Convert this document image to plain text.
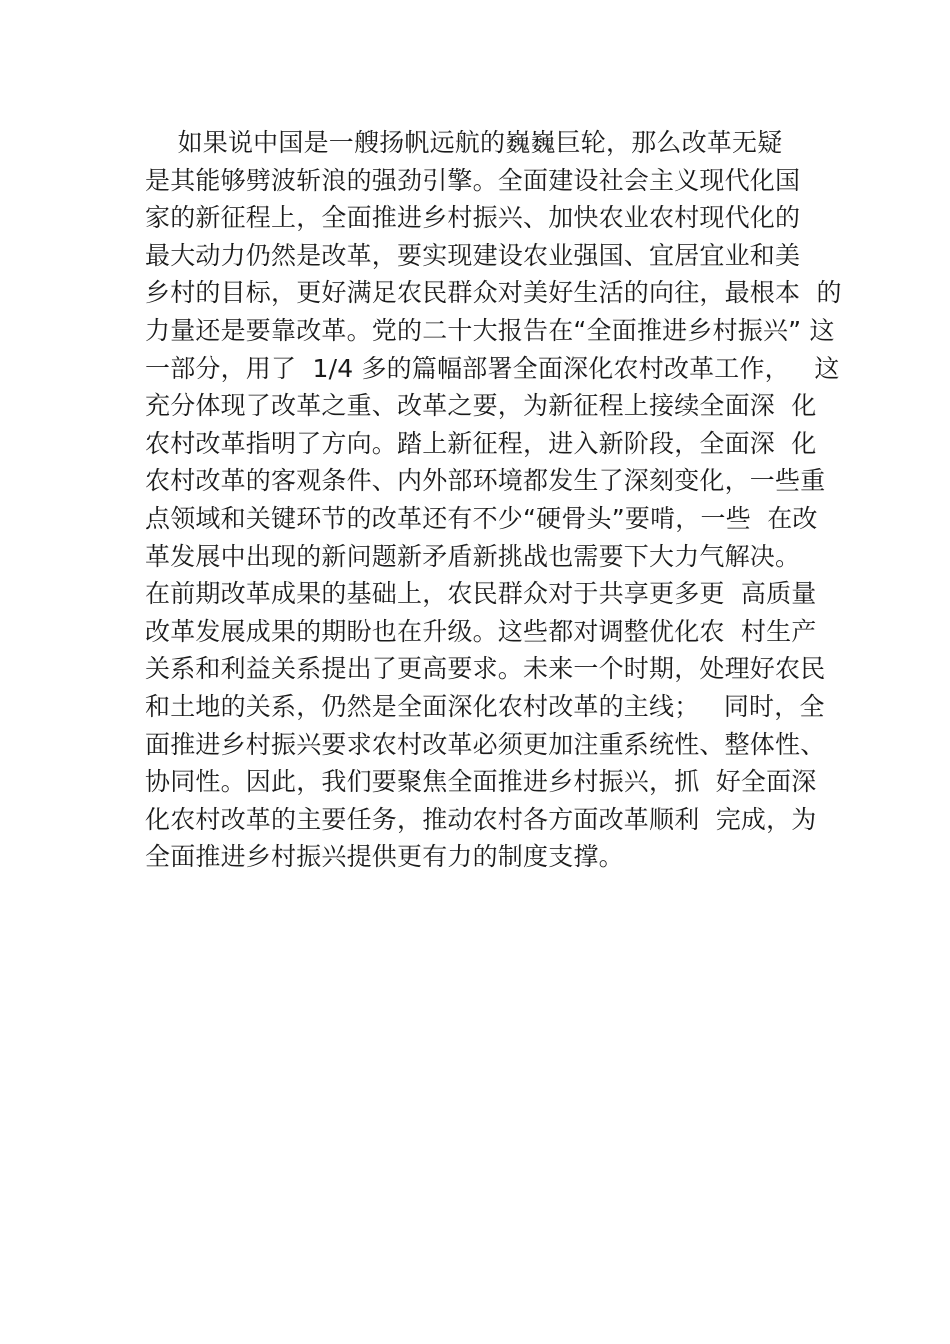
如果说中国是一艘扬帆远航的巍巍巨轮，那么改革无疑
是其能够劈波斩浪的强劲引擎。全面建设社会主义现代化国
家的新征程上，全面推进乡村振兴、加快农业农村现代化的
最大动力仍然是改革，要实现建设农业强国、宜居宜业和美
乡村的目标，更好满足农民群众对美好生活的向往，最根本  的
力量还是要靠改革。党的二十大报告在“全面推进乡村振兴” 这
一部分，用了  1/4 多的篇幅部署全面深化农村改革工作，   这
充分体现了改革之重、改革之要，为新征程上接续全面深  化
农村改革指明了方向。踏上新征程，进入新阶段，全面深  化
农村改革的客观条件、内外部环境都发生了深刻变化，一些重
点领域和关键环节的改革还有不少“硬骨头”要啃，一些  在改
革发展中出现的新问题新矛盾新挑战也需要下大力气解决。
在前期改革成果的基础上，农民群众对于共享更多更  高质量
改革发展成果的期盼也在升级。这些都对调整优化农  村生产
关系和利益关系提出了更高要求。未来一个时期，处理好农民
和土地的关系，仍然是全面深化农村改革的主线；   同时，全
面推进乡村振兴要求农村改革必须更加注重系统性、整体性、
协同性。因此，我们要聚焦全面推进乡村振兴，抓  好全面深
化农村改革的主要任务，推动农村各方面改革顺利  完成，为
全面推进乡村振兴提供更有力的制度支撑。
